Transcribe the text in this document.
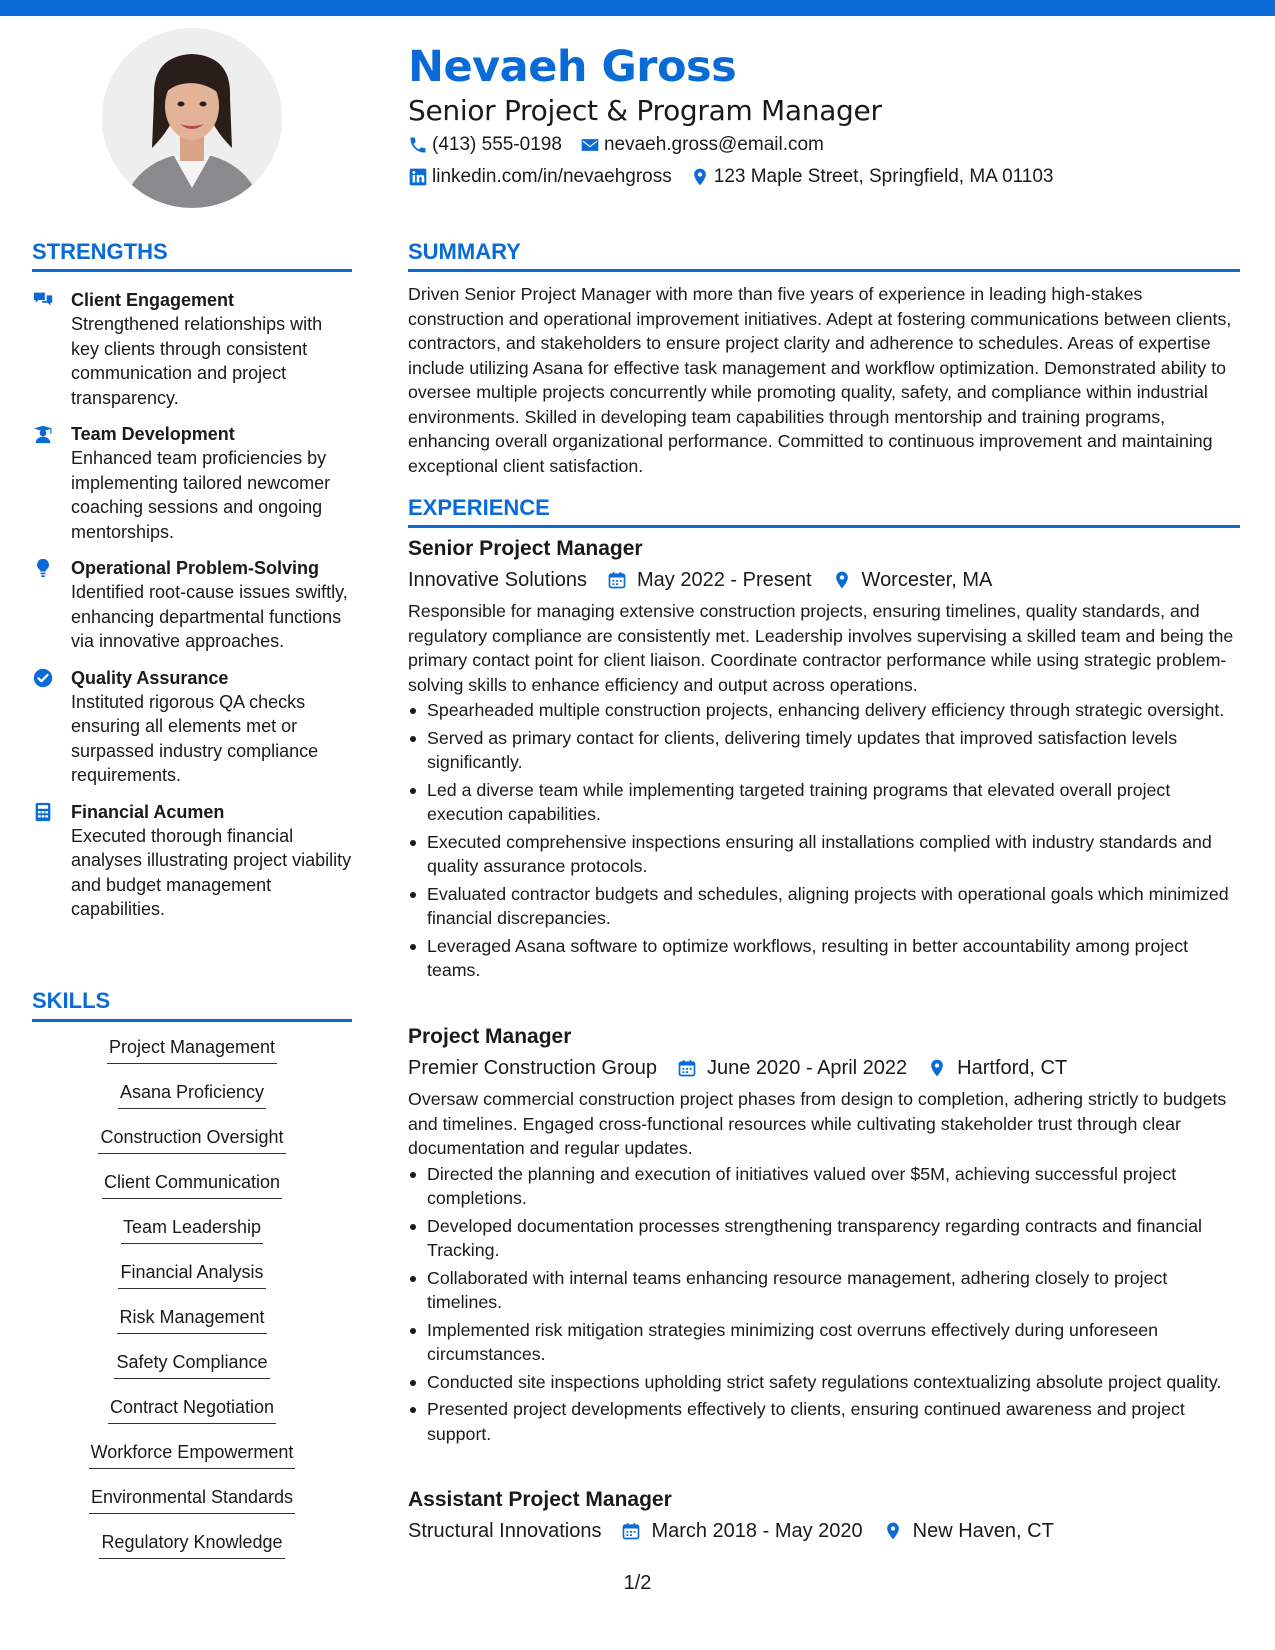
Nevaeh Gross
Senior Project & Program Manager
(413) 555-0198 nevaeh.gross@email.com
linkedin.com/in/nevaehgross 123 Maple Street, Springfield, MA 01103
STRENGTHS
Client Engagement
Strengthened relationships with key clients through consistent communication and project transparency.
Team Development
Enhanced team proficiencies by implementing tailored newcomer coaching sessions and ongoing mentorships.
Operational Problem-Solving
Identified root-cause issues swiftly, enhancing departmental functions via innovative approaches.
Quality Assurance
Instituted rigorous QA checks ensuring all elements met or surpassed industry compliance requirements.
Financial Acumen
Executed thorough financial analyses illustrating project viability and budget management capabilities.
SKILLS
Project Management
Asana Proficiency
Construction Oversight
Client Communication
Team Leadership
Financial Analysis
Risk Management
Safety Compliance
Contract Negotiation
Workforce Empowerment
Environmental Standards
Regulatory Knowledge
SUMMARY
Driven Senior Project Manager with more than five years of experience in leading high-stakes construction and operational improvement initiatives. Adept at fostering communications between clients, contractors, and stakeholders to ensure project clarity and adherence to schedules. Areas of expertise include utilizing Asana for effective task management and workflow optimization. Demonstrated ability to oversee multiple projects concurrently while promoting quality, safety, and compliance within industrial environments. Skilled in developing team capabilities through mentorship and training programs, enhancing overall organizational performance. Committed to continuous improvement and maintaining exceptional client satisfaction.
EXPERIENCE
Senior Project Manager
Innovative Solutions	May 2022 - Present	Worcester, MA
Responsible for managing extensive construction projects, ensuring timelines, quality standards, and regulatory compliance are consistently met. Leadership involves supervising a skilled team and being the primary contact point for client liaison. Coordinate contractor performance while using strategic problem-solving skills to enhance efficiency and output across operations.
Spearheaded multiple construction projects, enhancing delivery efficiency through strategic oversight.
Served as primary contact for clients, delivering timely updates that improved satisfaction levels significantly.
Led a diverse team while implementing targeted training programs that elevated overall project execution capabilities.
Executed comprehensive inspections ensuring all installations complied with industry standards and quality assurance protocols.
Evaluated contractor budgets and schedules, aligning projects with operational goals which minimized financial discrepancies.
Leveraged Asana software to optimize workflows, resulting in better accountability among project teams.
Project Manager
Premier Construction Group	June 2020 - April 2022	Hartford, CT
Oversaw commercial construction project phases from design to completion, adhering strictly to budgets and timelines. Engaged cross-functional resources while cultivating stakeholder trust through clear documentation and regular updates.
Directed the planning and execution of initiatives valued over $5M, achieving successful project completions.
Developed documentation processes strengthening transparency regarding contracts and financial Tracking.
Collaborated with internal teams enhancing resource management, adhering closely to project timelines.
Implemented risk mitigation strategies minimizing cost overruns effectively during unforeseen circumstances.
Conducted site inspections upholding strict safety regulations contextualizing absolute project quality.
Presented project developments effectively to clients, ensuring continued awareness and project support.
Assistant Project Manager
Structural Innovations	March 2018 - May 2020	New Haven, CT
1/2
